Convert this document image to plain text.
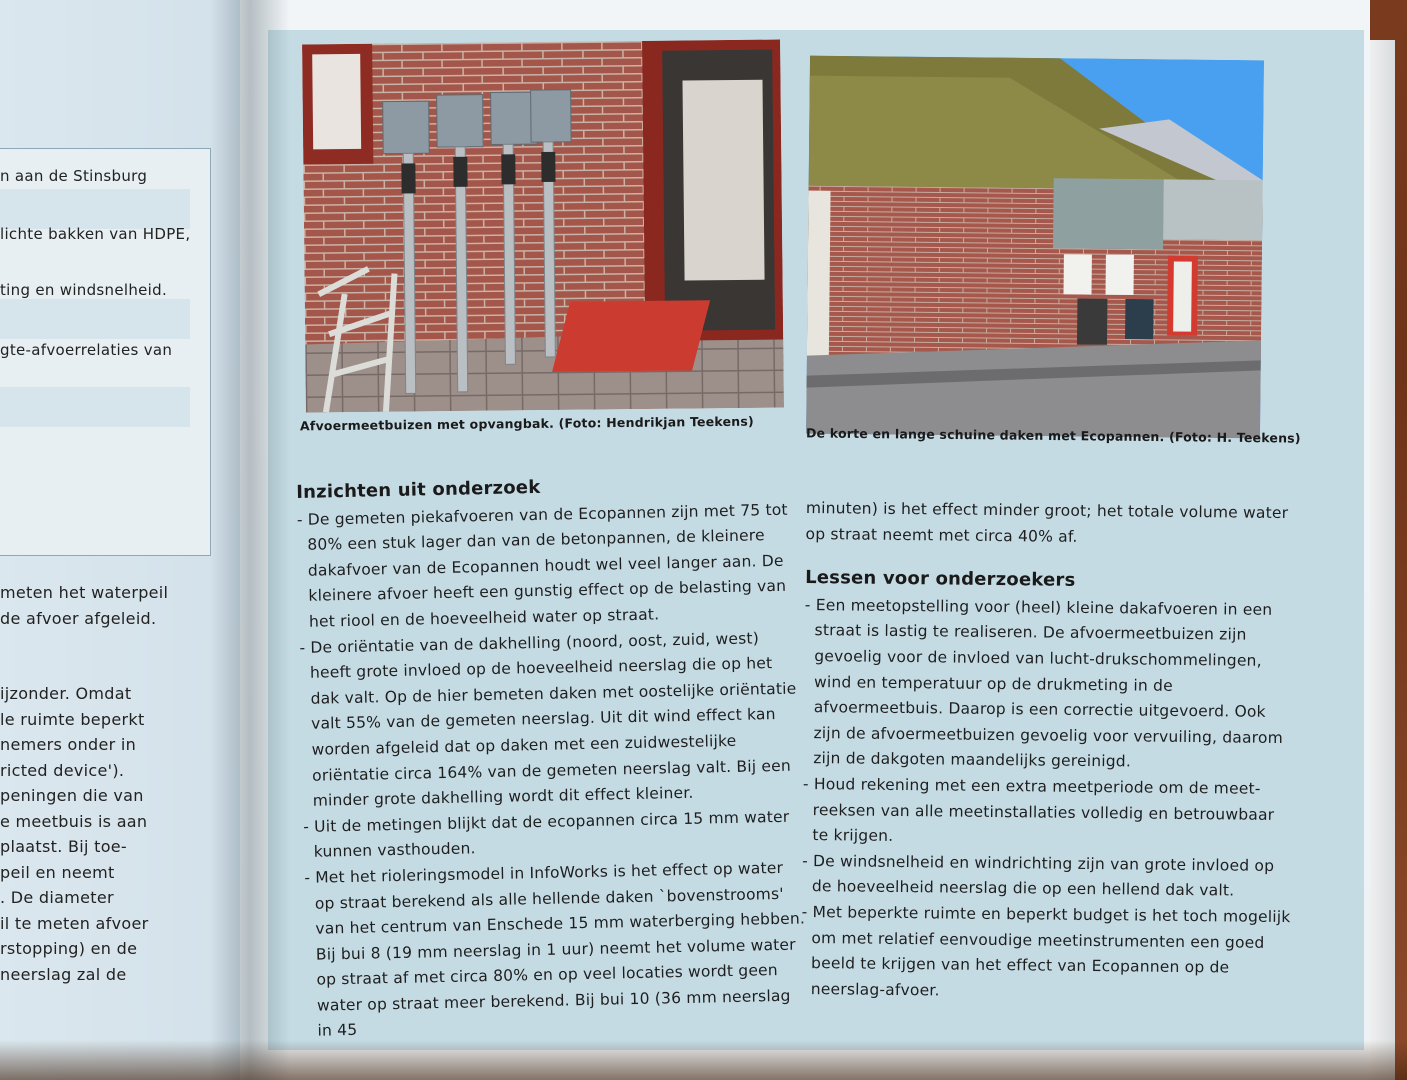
n aan de Stinsburg
lichte bakken van HDPE,
ting en windsnelheid.
gte-afvoerrelaties van
meten het waterpeil
de afvoer afgeleid.
ijzonder. Omdat
le ruimte beperkt
nemers onder in
ricted device').
peningen die van
e meetbuis is aan
plaatst. Bij toe-
peil en neemt
. De diameter
il te meten afvoer
rstopping) en de
neerslag zal de
Afvoermeetbuizen met opvangbak. (Foto: Hendrikjan Teekens)
De korte en lange schuine daken met Ecopannen. (Foto: H. Teekens)
Inzichten uit onderzoek
- De gemeten piekafvoeren van de Ecopannen zijn met 75 tot 80% een stuk lager dan van de betonpannen, de kleinere dakafvoer van de Ecopannen houdt wel veel langer aan. De kleinere afvoer heeft een gunstig effect op de belasting van het riool en de hoeveelheid water op straat.
- De oriëntatie van de dakhelling (noord, oost, zuid, west) heeft grote invloed op de hoeveelheid neerslag die op het dak valt. Op de hier bemeten daken met oostelijke oriëntatie valt 55% van de gemeten neerslag. Uit dit wind effect kan worden afgeleid dat op daken met een zuidwestelijke oriëntatie circa 164% van de gemeten neerslag valt. Bij een minder grote dakhelling wordt dit effect kleiner.
- Uit de metingen blijkt dat de ecopannen circa 15 mm water kunnen vasthouden.
- Met het rioleringsmodel in InfoWorks is het effect op water op straat berekend als alle hellende daken `bovenstrooms' van het centrum van Enschede 15 mm waterberging hebben. Bij bui 8 (19 mm neerslag in 1 uur) neemt het volume water op straat af met circa 80% en op veel locaties wordt geen water op straat meer berekend. Bij bui 10 (36 mm neerslag in 45
minuten) is het effect minder groot; het totale volume water op straat neemt met circa 40% af.
Lessen voor onderzoekers
- Een meetopstelling voor (heel) kleine dakafvoeren in een straat is lastig te realiseren. De afvoermeetbuizen zijn gevoelig voor de invloed van lucht-drukschommelingen, wind en temperatuur op de drukmeting in de afvoermeetbuis. Daarop is een correctie uitgevoerd. Ook zijn de afvoermeetbuizen gevoelig voor vervuiling, daarom zijn de dakgoten maandelijks gereinigd.
- Houd rekening met een extra meetperiode om de meet-reeksen van alle meetinstallaties volledig en betrouwbaar te krijgen.
- De windsnelheid en windrichting zijn van grote invloed op de hoeveelheid neerslag die op een hellend dak valt.
- Met beperkte ruimte en beperkt budget is het toch mogelijk om met relatief eenvoudige meetinstrumenten een goed beeld te krijgen van het effect van Ecopannen op de neerslag-afvoer.
